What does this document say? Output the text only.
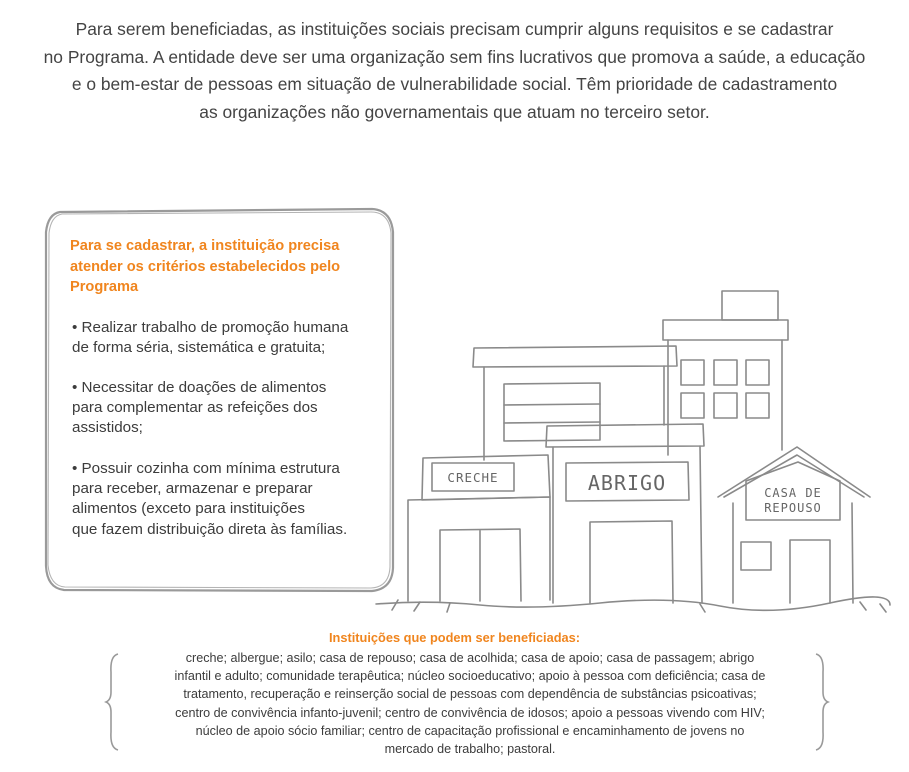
Para serem beneficiadas, as instituições sociais precisam cumprir alguns requisitos e se cadastrar
no Programa. A entidade deve ser uma organização sem fins lucrativos que promova a saúde, a educação
e o bem-estar de pessoas em situação de vulnerabilidade social. Têm prioridade de cadastramento
as organizações não governamentais que atuam no terceiro setor.
Para se cadastrar, a instituição precisa
atender os critérios estabelecidos pelo
Programa
• Realizar trabalho de promoção humana
de forma séria, sistemática e gratuita;
• Necessitar de doações de alimentos
para complementar as refeições dos
assistidos;
• Possuir cozinha com mínima estrutura
para receber, armazenar e preparar
alimentos (exceto para instituições
que fazem distribuição direta às famílias.
CRECHE	ABRIGO	CASA DE
REPOUSO
Instituições que podem ser beneficiadas:
creche; albergue; asilo; casa de repouso; casa de acolhida; casa de apoio; casa de passagem; abrigo
infantil e adulto; comunidade terapêutica; núcleo socioeducativo; apoio à pessoa com deficiência; casa de
tratamento, recuperação e reinserção social de pessoas com dependência de substâncias psicoativas;
centro de convivência infanto-juvenil; centro de convivência de idosos; apoio a pessoas vivendo com HIV;
núcleo de apoio sócio familiar; centro de capacitação profissional e encaminhamento de jovens no
mercado de trabalho; pastoral.
